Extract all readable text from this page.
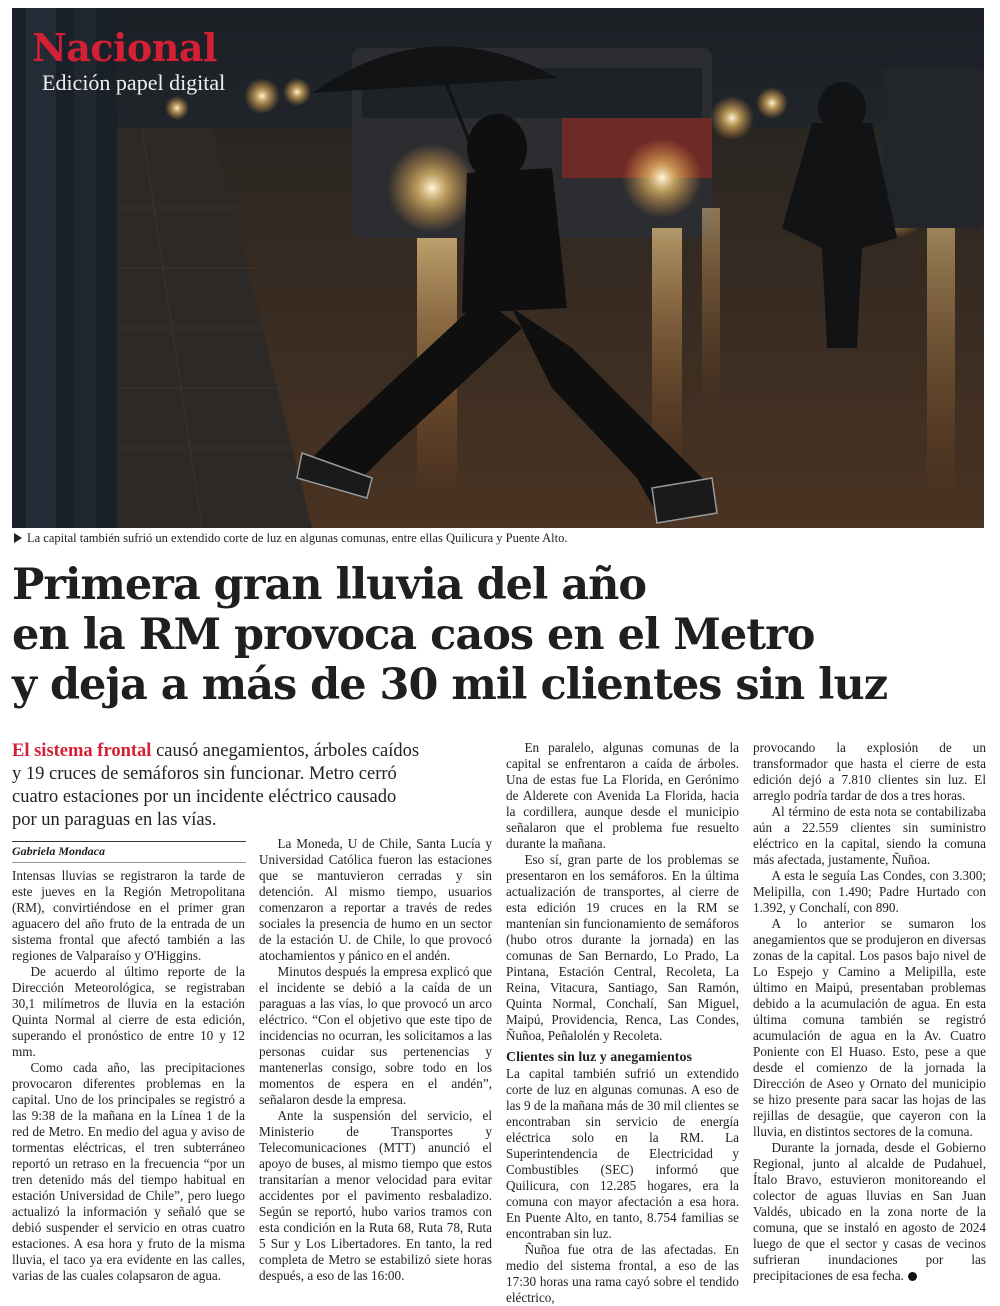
Nacional
Edición papel digital
La capital también sufrió un extendido corte de luz en algunas comunas, entre ellas Quilicura y Puente Alto.
Primera gran lluvia del año
en la RM provoca caos en el Metro
y deja a más de 30 mil clientes sin luz
El sistema frontal causó anegamientos, árboles caídos
y 19 cruces de semáforos sin funcionar. Metro cerró
cuatro estaciones por un incidente eléctrico causado
por un paraguas en las vías.
Gabriela Mondaca

Intensas lluvias se registraron la tarde de este jueves en la Región Metropolitana (RM), convirtiéndose en el primer gran aguacero del año fruto de la entrada de un sistema frontal que afectó también a las regiones de Valparaíso y O'Higgins.

De acuerdo al último reporte de la Dirección Meteorológica, se registraban 30,1 milímetros de lluvia en la estación Quinta Normal al cierre de esta edición, superando el pronóstico de entre 10 y 12 mm.

Como cada año, las precipitaciones provocaron diferentes problemas en la capital. Uno de los principales se registró a las 9:38 de la mañana en la Línea 1 de la red de Metro. En medio del agua y aviso de tormentas eléctricas, el tren subterráneo reportó un retraso en la frecuencia “por un tren detenido más del tiempo habitual en estación Universidad de Chile”, pero luego actualizó la información y señaló que se debió suspender el servicio en otras cuatro estaciones. A esa hora y fruto de la misma lluvia, el taco ya era evidente en las calles, varias de las cuales colapsaron de agua.

La Moneda, U de Chile, Santa Lucía y Universidad Católica fueron las estaciones que se mantuvieron cerradas y sin detención. Al mismo tiempo, usuarios comenzaron a reportar a través de redes sociales la presencia de humo en un sector de la estación U. de Chile, lo que provocó atochamientos y pánico en el andén.

Minutos después la empresa explicó que el incidente se debió a la caída de un paraguas a las vías, lo que provocó un arco eléctrico. “Con el objetivo que este tipo de incidencias no ocurran, les solicitamos a las personas cuidar sus pertenencias y mantenerlas consigo, sobre todo en los momentos de espera en el andén”, señalaron desde la empresa.

Ante la suspensión del servicio, el Ministerio de Transportes y Telecomunicaciones (MTT) anunció el apoyo de buses, al mismo tiempo que estos transitarían a menor velocidad para evitar accidentes por el pavimento resbaladizo. Según se reportó, hubo varios tramos con esta condición en la Ruta 68, Ruta 78, Ruta 5 Sur y Los Libertadores. En tanto, la red completa de Metro se estabilizó siete horas después, a eso de las 16:00.

En paralelo, algunas comunas de la capital se enfrentaron a caída de árboles. Una de estas fue La Florida, en Gerónimo de Alderete con Avenida La Florida, hacia la cordillera, aunque desde el municipio señalaron que el problema fue resuelto durante la mañana.

Eso sí, gran parte de los problemas se presentaron en los semáforos. En la última actualización de transportes, al cierre de esta edición 19 cruces en la RM se mantenían sin funcionamiento de semáforos (hubo otros durante la jornada) en las comunas de San Bernardo, Lo Prado, La Pintana, Estación Central, Recoleta, La Reina, Vitacura, Santiago, San Ramón, Quinta Normal, Conchalí, San Miguel, Maipú, Providencia, Renca, Las Condes, Ñuñoa, Peñalolén y Recoleta.

Clientes sin luz y anegamientos

La capital también sufrió un extendido corte de luz en algunas comunas. A eso de las 9 de la mañana más de 30 mil clientes se encontraban sin servicio de energía eléctrica solo en la RM. La Superintendencia de Electricidad y Combustibles (SEC) informó que Quilicura, con 12.285 hogares, era la comuna con mayor afectación a esa hora. En Puente Alto, en tanto, 8.754 familias se encontraban sin luz.

Ñuñoa fue otra de las afectadas. En medio del sistema frontal, a eso de las 17:30 horas una rama cayó sobre el tendido eléctrico,

provocando la explosión de un transformador que hasta el cierre de esta edición dejó a 7.810 clientes sin luz. El arreglo podría tardar de dos a tres horas.

Al término de esta nota se contabilizaba aún a 22.559 clientes sin suministro eléctrico en la capital, siendo la comuna más afectada, justamente, Ñuñoa.

A esta le seguía Las Condes, con 3.300; Melipilla, con 1.490; Padre Hurtado con 1.392, y Conchalí, con 890.

A lo anterior se sumaron los anegamientos que se produjeron en diversas zonas de la capital. Los pasos bajo nivel de Lo Espejo y Camino a Melipilla, este último en Maipú, presentaban problemas debido a la acumulación de agua. En esta última comuna también se registró acumulación de agua en la Av. Cuatro Poniente con El Huaso. Esto, pese a que desde el comienzo de la jornada la Dirección de Aseo y Ornato del municipio se hizo presente para sacar las hojas de las rejillas de desagüe, que cayeron con la lluvia, en distintos sectores de la comuna.

Durante la jornada, desde el Gobierno Regional, junto al alcalde de Pudahuel, Ítalo Bravo, estuvieron monitoreando el colector de aguas lluvias en San Juan Valdés, ubicado en la zona norte de la comuna, que se instaló en agosto de 2024 luego de que el sector y casas de vecinos sufrieran inundaciones por las precipitaciones de esa fecha.
